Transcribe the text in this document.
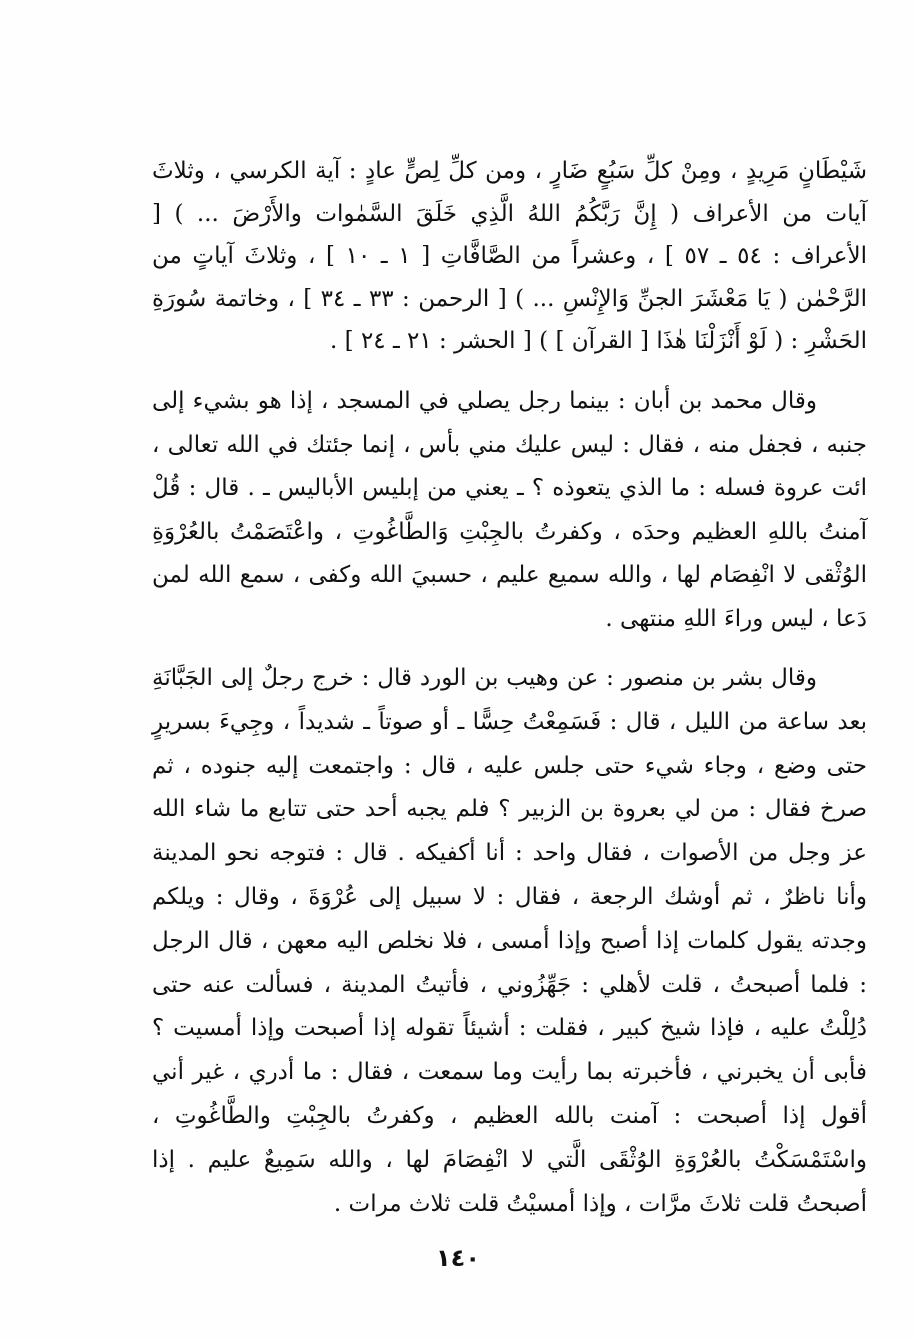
شَيْطَانٍ مَرِيدٍ ، ومِنْ كلِّ سَبُعٍ ضَارٍ ، ومن كلِّ لِصٍّ عادٍ : آية الكرسي ، وثلاثَ آيات من الأعراف ( إِنَّ رَبَّكُمُ اللهُ الَّذِي خَلَقَ السَّمٰوات والأَرْضَ ... ) [ الأعراف : ٥٤ ـ ٥٧ ] ، وعشراً من الصَّافَّاتِ [ ١ ـ ١٠ ] ، وثلاثَ آياتٍ من الرَّحْمٰن ( يَا مَعْشَرَ الجنِّ وَالإِنْسِ ... ) [ الرحمن : ٣٣ ـ ٣٤ ] ، وخاتمة سُورَةِ الحَشْرِ : ( لَوْ أَنْزَلْنَا هٰذَا [ القرآن ] ) [ الحشر : ٢١ ـ ٢٤ ] .

وقال محمد بن أبان : بينما رجل يصلي في المسجد ، إذا هو بشيء إلى جنبه ، فجفل منه ، فقال : ليس عليك مني بأس ، إنما جئتك في الله تعالى ، ائت عروة فسله : ما الذي يتعوذه ؟ ـ يعني من إبليس الأباليس ـ . قال : قُلْ آمنتُ باللهِ العظيم وحدَه ، وكفرتُ بالجِبْتِ وَالطَّاغُوتِ ، واعْتَصَمْتُ بالعُرْوَةِ الوُثْقى لا انْفِصَام لها ، والله سميع عليم ، حسبيَ الله وكفى ، سمع الله لمن دَعا ، ليس وراءَ اللهِ منتهى .

وقال بشر بن منصور : عن وهيب بن الورد قال : خرج رجلٌ إلى الجَبَّانَةِ بعد ساعة من الليل ، قال : فَسَمِعْتُ حِسًّا ـ أو صوتاً ـ شديداً ، وجِيءَ بسريرٍ حتى وضع ، وجاء شيء حتى جلس عليه ، قال : واجتمعت إليه جنوده ، ثم صرخ فقال : من لي بعروة بن الزبير ؟ فلم يجبه أحد حتى تتابع ما شاء الله عز وجل من الأصوات ، فقال واحد : أنا أكفيكه . قال : فتوجه نحو المدينة وأنا ناظرٌ ، ثم أوشك الرجعة ، فقال : لا سبيل إلى عُرْوَةَ ، وقال : ويلكم وجدته يقول كلمات إذا أصبح وإذا أمسى ، فلا نخلص اليه معهن ، قال الرجل : فلما أصبحتُ ، قلت لأهلي : جَهِّزُوني ، فأتيتُ المدينة ، فسألت عنه حتى دُلِلْتُ عليه ، فإذا شيخ كبير ، فقلت : أشيئاً تقوله إذا أصبحت وإذا أمسيت ؟ فأبى أن يخبرني ، فأخبرته بما رأيت وما سمعت ، فقال : ما أدري ، غير أني أقول إذا أصبحت : آمنت بالله العظيم ، وكفرتُ بالجِبْتِ والطَّاغُوتِ ، واسْتَمْسَكْتُ بالعُرْوَةِ الوُثْقَى الَّتي لا انْفِصَامَ لها ، والله سَمِيعٌ عليم . إذا أصبحتُ قلت ثلاثَ مرَّات ، وإذا أمسيْتُ قلت ثلاث مرات .

١٤٠
